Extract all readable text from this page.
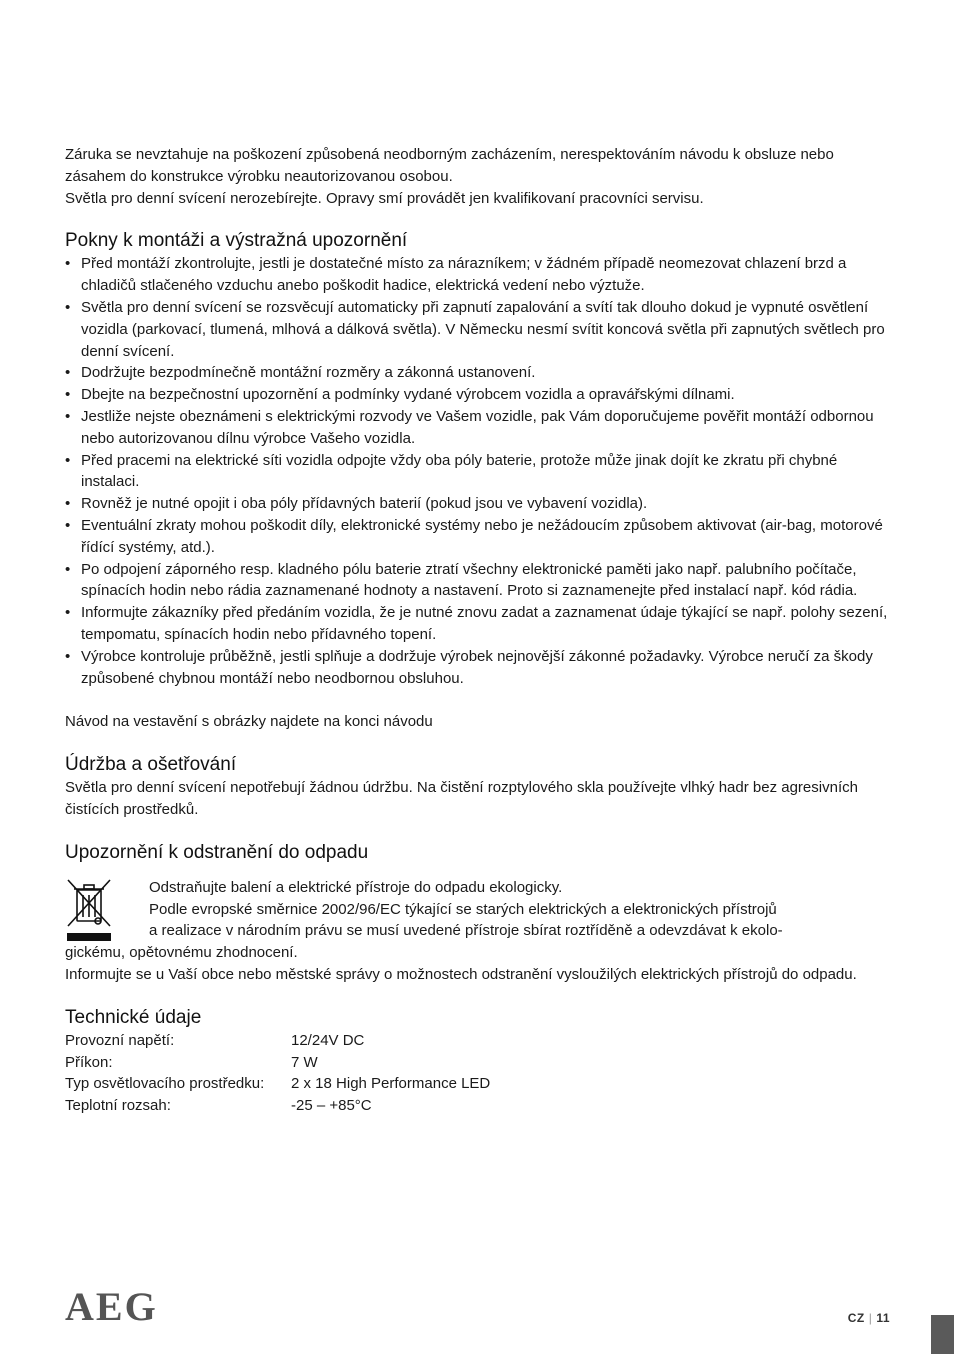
Záruka se nevztahuje na poškození způsobená neodborným zacházením, nerespektováním návodu k obsluze nebo zásahem do konstrukce výrobku neautorizovanou osobou.

Světla pro denní svícení nerozebírejte. Opravy smí provádět jen kvalifikovaní pracovníci servisu.

Pokny k montáži a výstražná upozornění
• Před montáží zkontrolujte, jestli je dostatečné místo za nárazníkem; v žádném případě neomezovat chlazení brzd a chladičů stlačeného vzduchu anebo poškodit hadice, elektrická vedení nebo výztuže.
• Světla pro denní svícení se rozsvěcují automaticky při zapnutí zapalování a svítí tak dlouho dokud je vypnuté osvětlení vozidla (parkovací, tlumená, mlhová a dálková světla). V Německu nesmí svítit koncová světla při zapnutých světlech pro denní svícení.
• Dodržujte bezpodmínečně montážní rozměry a zákonná ustanovení.
• Dbejte na bezpečnostní upozornění a podmínky vydané výrobcem vozidla a opravářskými dílnami.
• Jestliže nejste obeznámeni s elektrickými rozvody ve Vašem vozidle, pak Vám doporučujeme pověřit montáží odbornou nebo autorizovanou dílnu výrobce Vašeho vozidla.
• Před pracemi na elektrické síti vozidla odpojte vždy oba póly baterie, protože může jinak dojít ke zkratu při chybné instalaci.
• Rovněž je nutné opojit i oba póly přídavných baterií (pokud jsou ve vybavení vozidla).
• Eventuální zkraty mohou poškodit díly, elektronické systémy nebo je nežádoucím způsobem aktivovat (air-bag, motorové řídící systémy, atd.).
• Po odpojení záporného resp. kladného pólu baterie ztratí všechny elektronické paměti jako např. palubního počítače, spínacích hodin nebo rádia zaznamenané hodnoty a nastavení. Proto si zaznamenejte před instalací např. kód rádia.
• Informujte zákazníky před předáním vozidla, že je nutné znovu zadat a zaznamenat údaje týkající se např. polohy sezení, tempomatu, spínacích hodin nebo přídavného topení.
• Výrobce kontroluje průběžně, jestli splňuje a dodržuje výrobek nejnovější zákonné požadavky. Výrobce neručí za škody způsobené chybnou montáží nebo neodbornou obsluhou.

Návod na vestavění s obrázky najdete na konci návodu

Údržba a ošetřování

Světla pro denní svícení nepotřebují žádnou údržbu. Na čistění rozptylového skla používejte vlhký hadr bez agresivních čistících prostředků.

Upozornění k odstranění do odpadu

Odstraňujte balení a elektrické přístroje do odpadu ekologicky.

Podle evropské směrnice 2002/96/EC týkající se starých elektrických a elektronických přístrojů

a realizace v národním právu se musí uvedené přístroje sbírat roztříděně a odevzdávat k ekolo-

gickému, opětovnému zhodnocení.

Informujte se u Vaší obce nebo městské správy o možnostech odstranění vysloužilých elektrických přístrojů do odpadu.

Technické údaje
Provozní napětí:	12/24V DC
Příkon:	7 W
Typ osvětlovacího prostředku:	2 x 18 High Performance LED
Teplotní rozsah:	-25 – +85°C
AEG	CZ | 11
